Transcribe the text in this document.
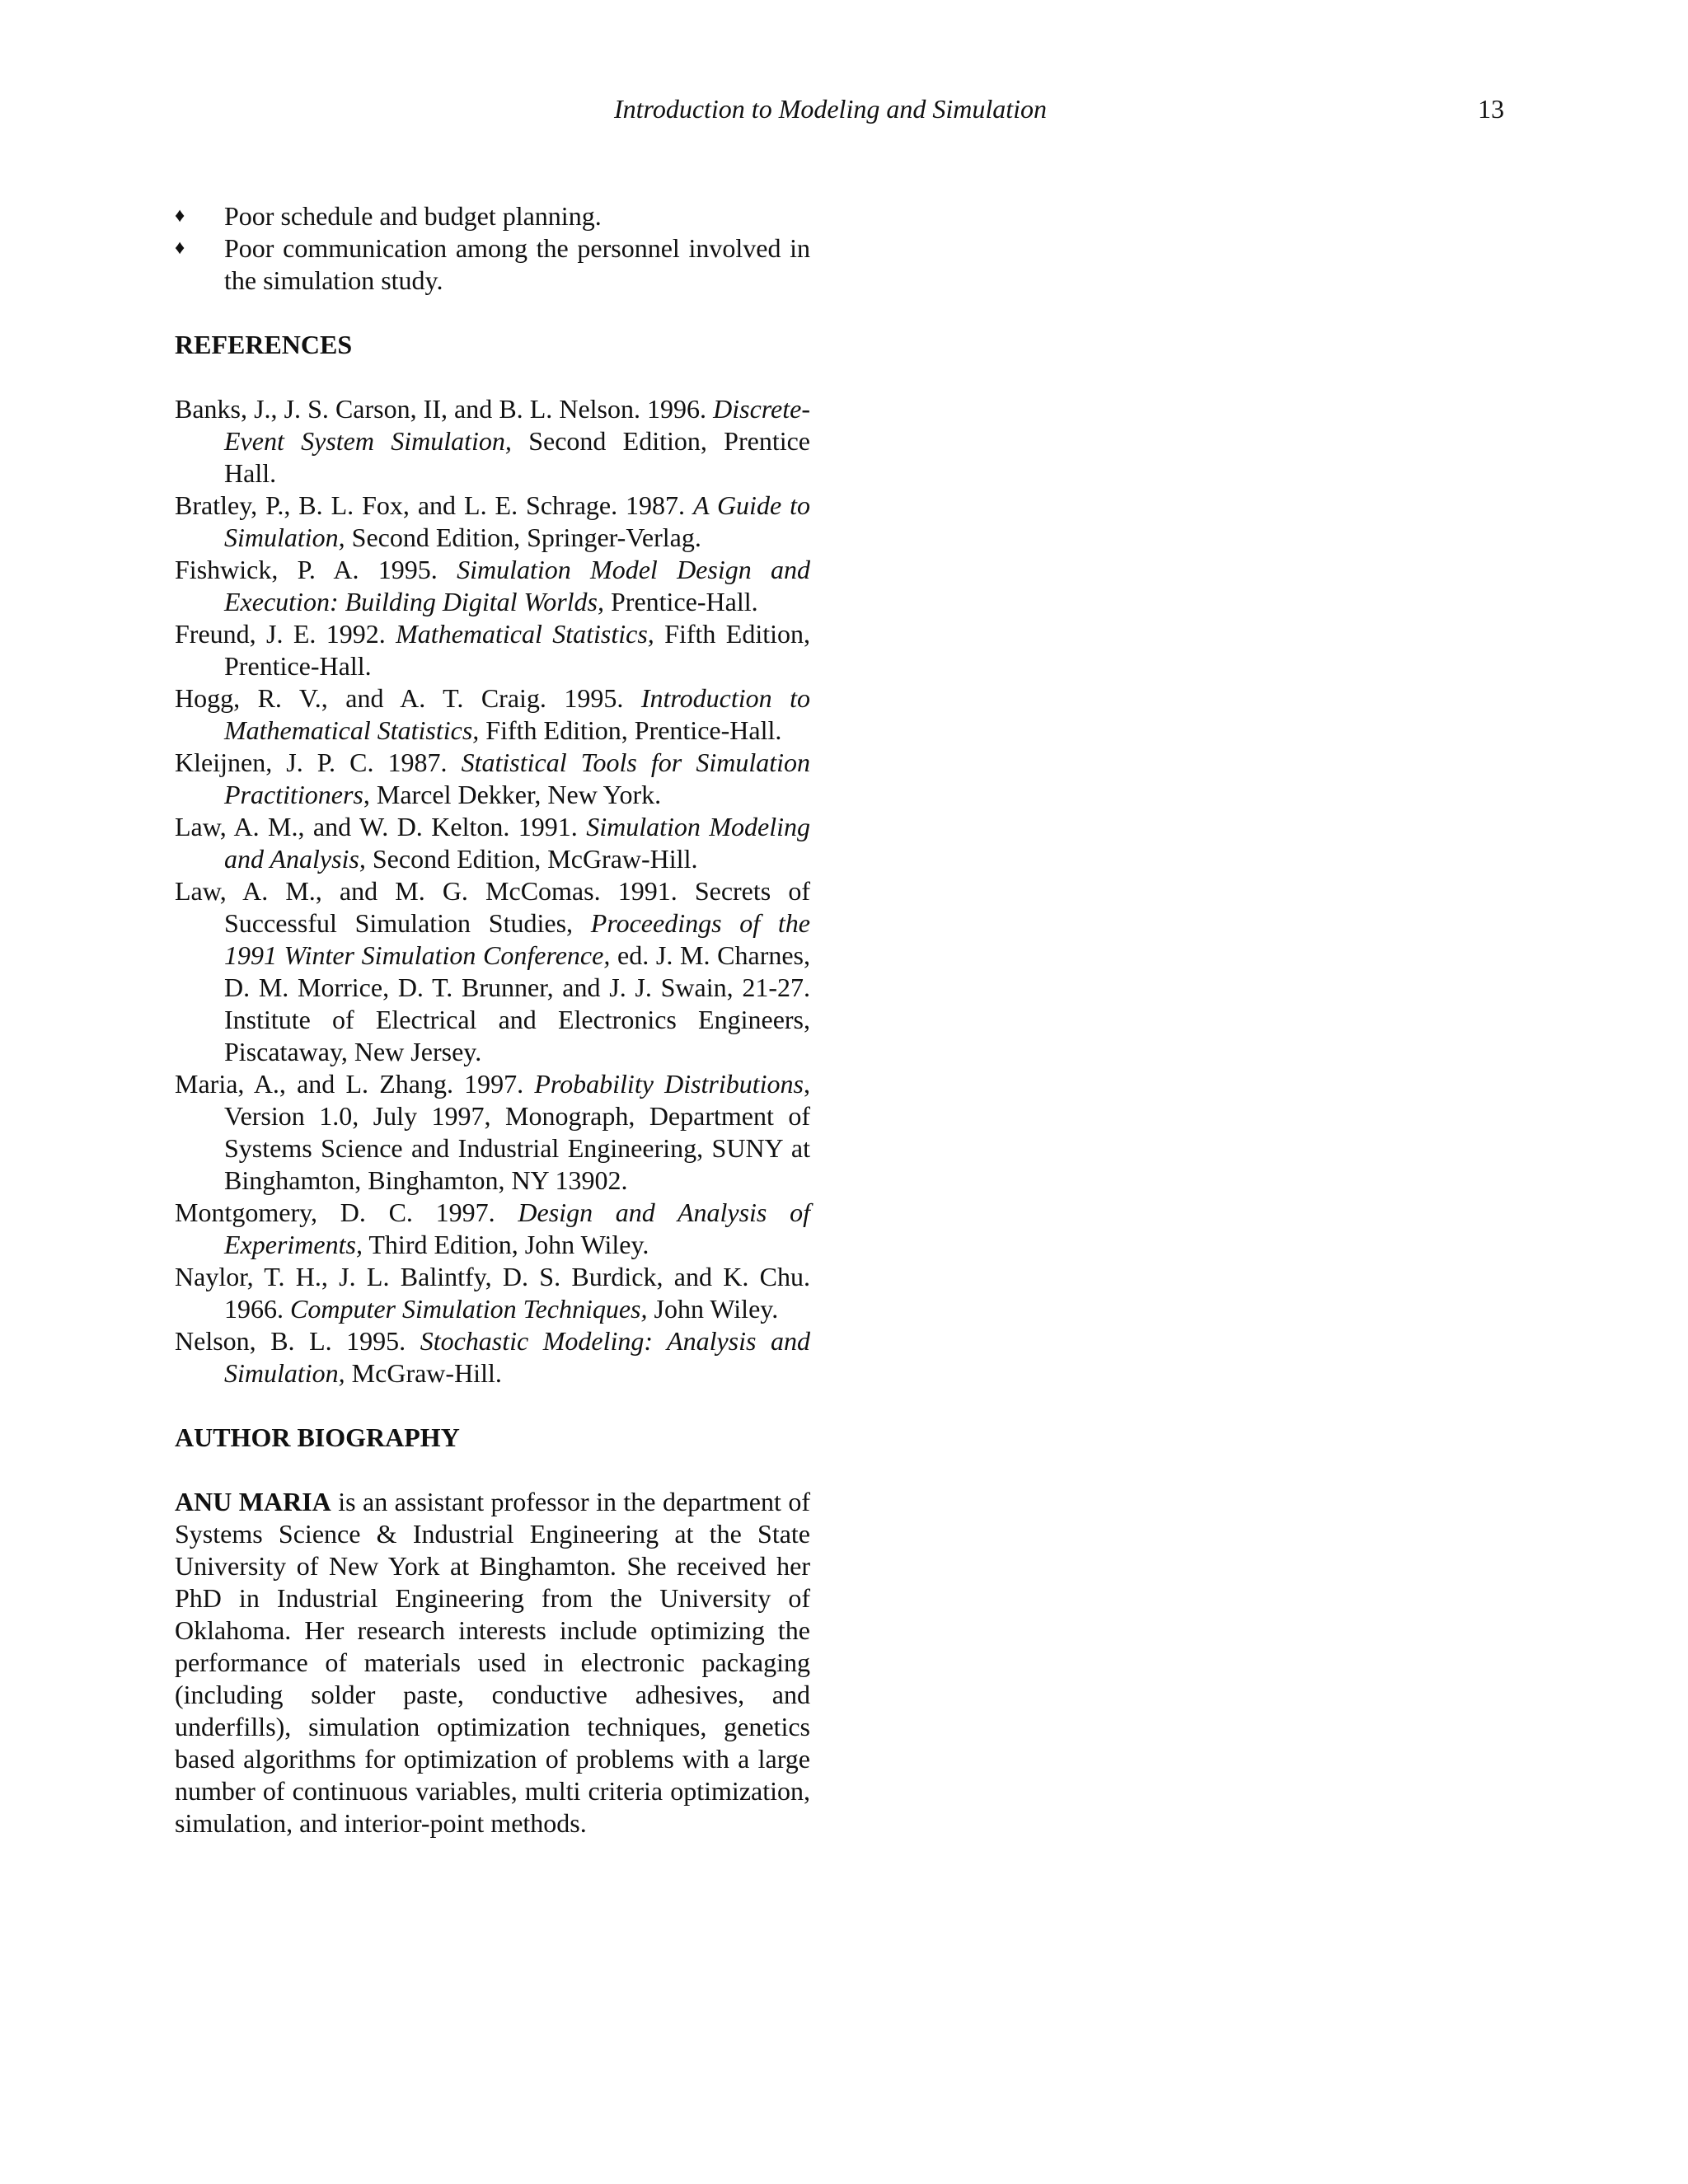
Introduction to Modeling and Simulation	13
♦ Poor schedule and budget planning.
♦ Poor communication among the personnel involved in the simulation study.
REFERENCES

Banks, J., J. S. Carson, II, and B. L. Nelson. 1996. Discrete-Event System Simulation, Second Edition, Prentice Hall.

Bratley, P., B. L. Fox, and L. E. Schrage. 1987. A Guide to Simulation, Second Edition, Springer-Verlag.

Fishwick, P. A. 1995. Simulation Model Design and Execution: Building Digital Worlds, Prentice-Hall.

Freund, J. E. 1992. Mathematical Statistics, Fifth Edition, Prentice-Hall.

Hogg, R. V., and A. T. Craig. 1995. Introduction to Mathematical Statistics, Fifth Edition, Prentice-Hall.

Kleijnen, J. P. C. 1987. Statistical Tools for Simulation Practitioners, Marcel Dekker, New York.

Law, A. M., and W. D. Kelton. 1991. Simulation Modeling and Analysis, Second Edition, McGraw-Hill.

Law, A. M., and M. G. McComas. 1991. Secrets of Successful Simulation Studies, Proceedings of the 1991 Winter Simulation Conference, ed. J. M. Charnes, D. M. Morrice, D. T. Brunner, and J. J. Swain, 21-27. Institute of Electrical and Electronics Engineers, Piscataway, New Jersey.

Maria, A., and L. Zhang. 1997. Probability Distributions, Version 1.0, July 1997, Monograph, Department of Systems Science and Industrial Engineering, SUNY at Binghamton, Binghamton, NY 13902.

Montgomery, D. C. 1997. Design and Analysis of Experiments, Third Edition, John Wiley.

Naylor, T. H., J. L. Balintfy, D. S. Burdick, and K. Chu. 1966. Computer Simulation Techniques, John Wiley.

Nelson, B. L. 1995. Stochastic Modeling: Analysis and Simulation, McGraw-Hill.

AUTHOR BIOGRAPHY

ANU MARIA is an assistant professor in the department of Systems Science & Industrial Engineering at the State University of New York at Binghamton. She received her PhD in Industrial Engineering from the University of Oklahoma. Her research interests include optimizing the performance of materials used in electronic packaging (including solder paste, conductive adhesives, and underfills), simulation optimization techniques, genetics based algorithms for optimization of problems with a large number of continuous variables, multi criteria optimization, simulation, and interior-point methods.
